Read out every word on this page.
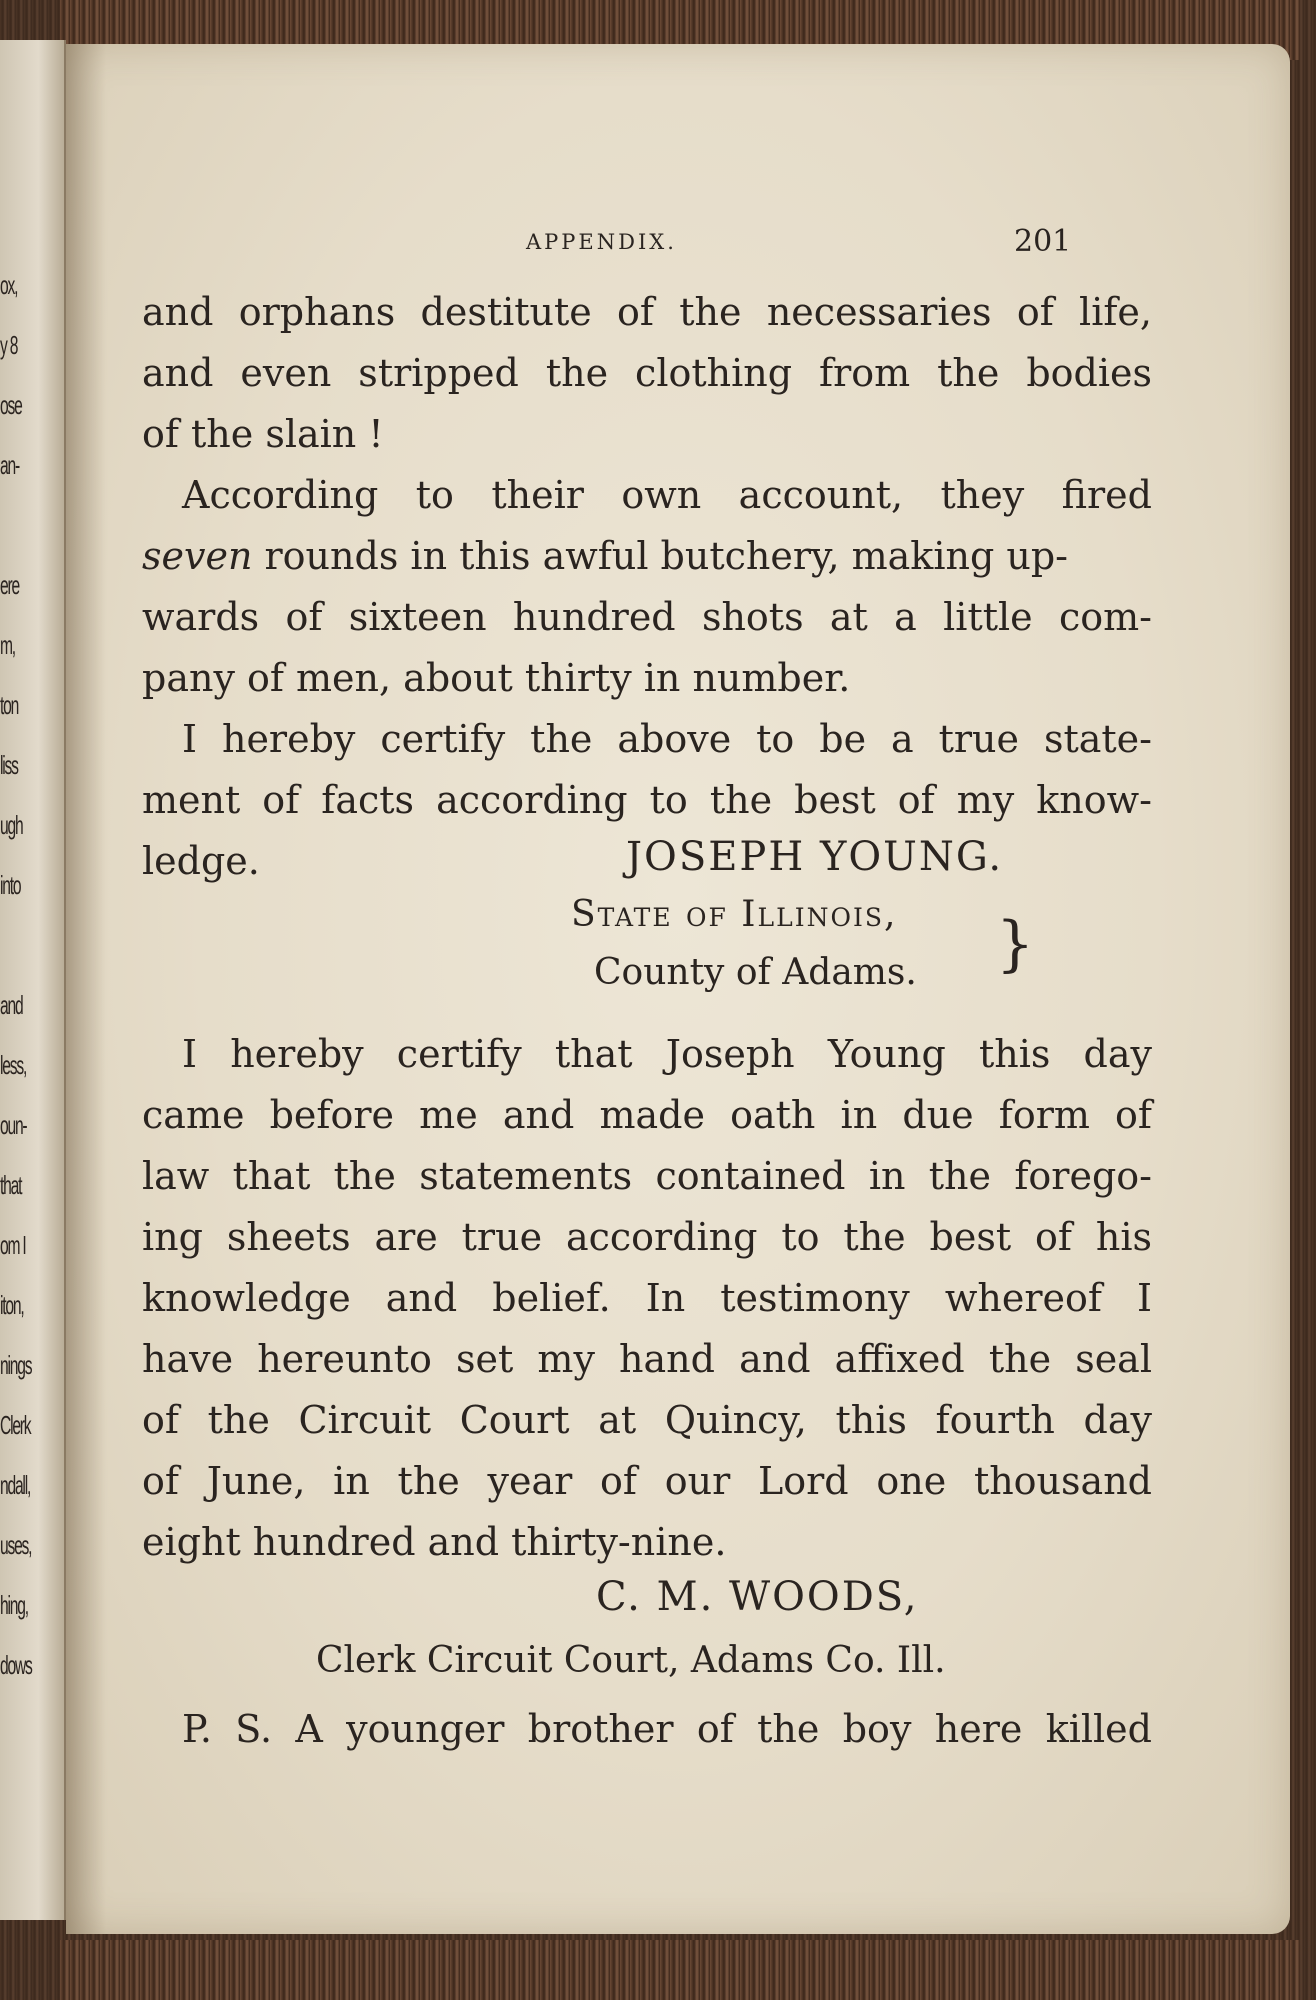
ox,
y 8
ose
an-
ere
m,
ton
liss
ugh
into
and
less,
oun-
that
om I
iton,
nings
Clerk
ndall,
uses,
hing,
dows
APPENDIX.	201
and orphans destitute of the necessaries of life,
and even stripped the clothing from the bodies
of the slain !
According to their own account, they fired
seven rounds in this awful butchery, making up-
wards of sixteen hundred shots at a little com-
pany of men, about thirty in number.
I hereby certify the above to be a true state-
ment of facts according to the best of my know-
ledge.	JOSEPH YOUNG.
State of Illinois,
County of Adams. }
I hereby certify that Joseph Young this day
came before me and made oath in due form of
law that the statements contained in the forego-
ing sheets are true according to the best of his
knowledge and belief. In testimony whereof I
have hereunto set my hand and affixed the seal
of the Circuit Court at Quincy, this fourth day
of June, in the year of our Lord one thousand
eight hundred and thirty-nine.
C. M. WOODS,
Clerk Circuit Court, Adams Co. Ill.
P. S. A younger brother of the boy here killed
